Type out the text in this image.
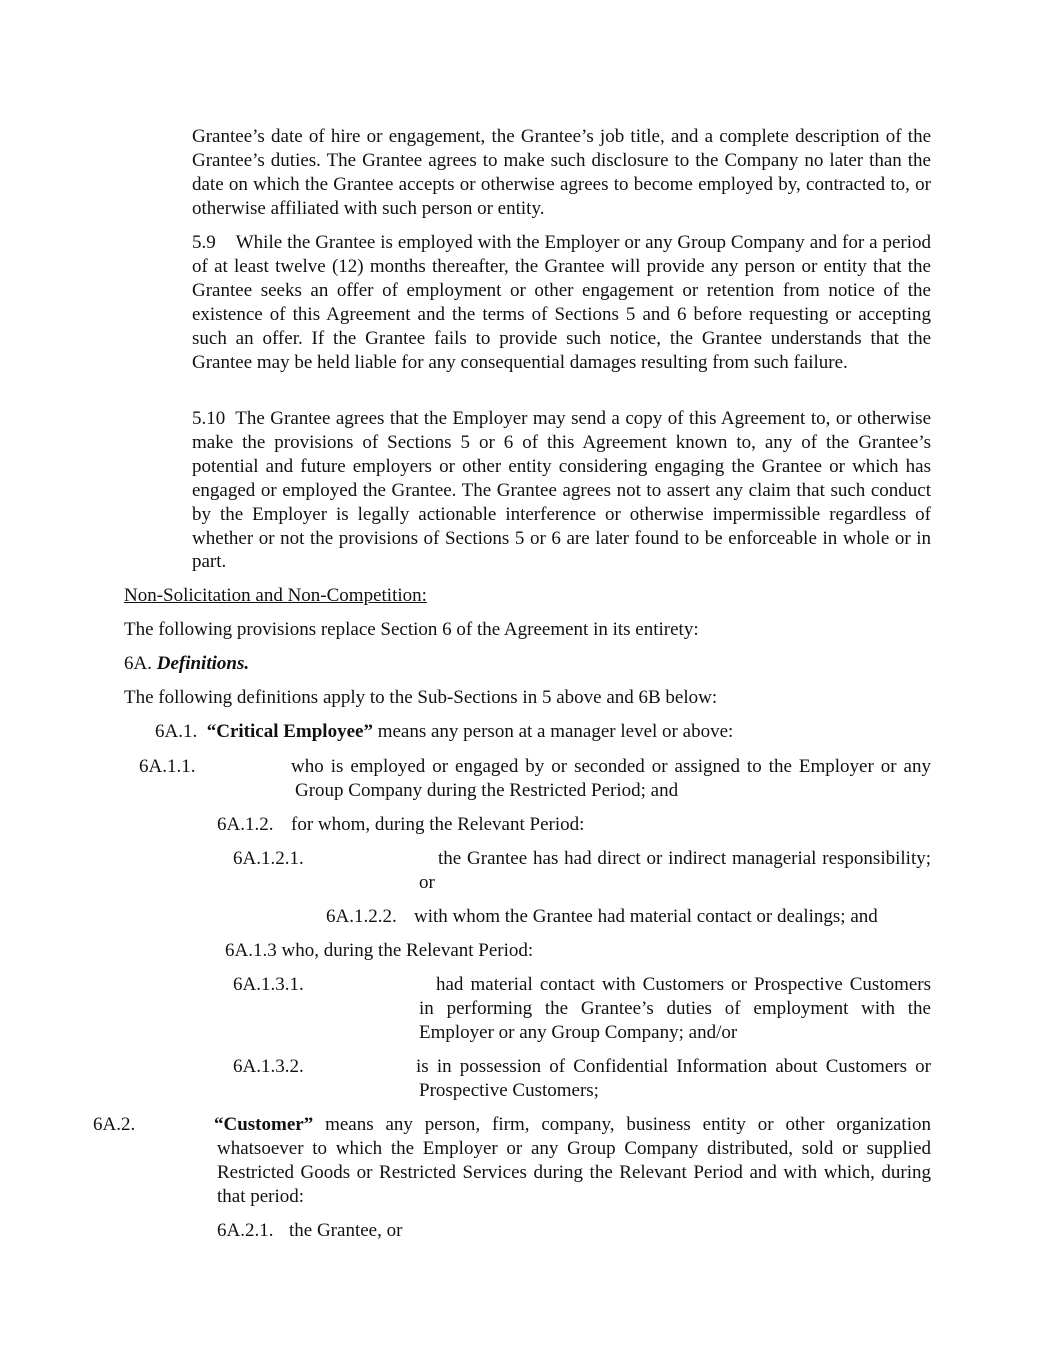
Grantee’s date of hire or engagement, the Grantee’s job title, and a complete description of the Grantee’s duties. The Grantee agrees to make such disclosure to the Company no later than the date on which the Grantee accepts or otherwise agrees to become employed by, contracted to, or otherwise affiliated with such person or entity.

5.9 While the Grantee is employed with the Employer or any Group Company and for a period of at least twelve (12) months thereafter, the Grantee will provide any person or entity that the Grantee seeks an offer of employment or other engagement or retention from notice of the existence of this Agreement and the terms of Sections 5 and 6 before requesting or accepting such an offer. If the Grantee fails to provide such notice, the Grantee understands that the Grantee may be held liable for any consequential damages resulting from such failure.

5.10 The Grantee agrees that the Employer may send a copy of this Agreement to, or otherwise make the provisions of Sections 5 or 6 of this Agreement known to, any of the Grantee’s potential and future employers or other entity considering engaging the Grantee or which has engaged or employed the Grantee. The Grantee agrees not to assert any claim that such conduct by the Employer is legally actionable interference or otherwise impermissible regardless of whether or not the provisions of Sections 5 or 6 are later found to be enforceable in whole or in part.

Non-Solicitation and Non-Competition:

The following provisions replace Section 6 of the Agreement in its entirety:

6A. Definitions.

The following definitions apply to the Sub-Sections in 5 above and 6B below:

6A.1. “Critical Employee” means any person at a manager level or above:

6A.1.1.	who is employed or engaged by or seconded or assigned to the Employer or any Group Company during the Restricted Period; and

6A.1.2. for whom, during the Relevant Period:

6A.1.2.1.	the Grantee has had direct or indirect managerial responsibility; or

6A.1.2.2. with whom the Grantee had material contact or dealings; and

6A.1.3 who, during the Relevant Period:

6A.1.3.1.	had material contact with Customers or Prospective Customers in performing the Grantee’s duties of employment with the Employer or any Group Company; and/or

6A.1.3.2.	is in possession of Confidential Information about Customers or Prospective Customers;

6A.2.	“Customer” means any person, firm, company, business entity or other organization whatsoever to which the Employer or any Group Company distributed, sold or supplied Restricted Goods or Restricted Services during the Relevant Period and with which, during that period:

6A.2.1. the Grantee, or
